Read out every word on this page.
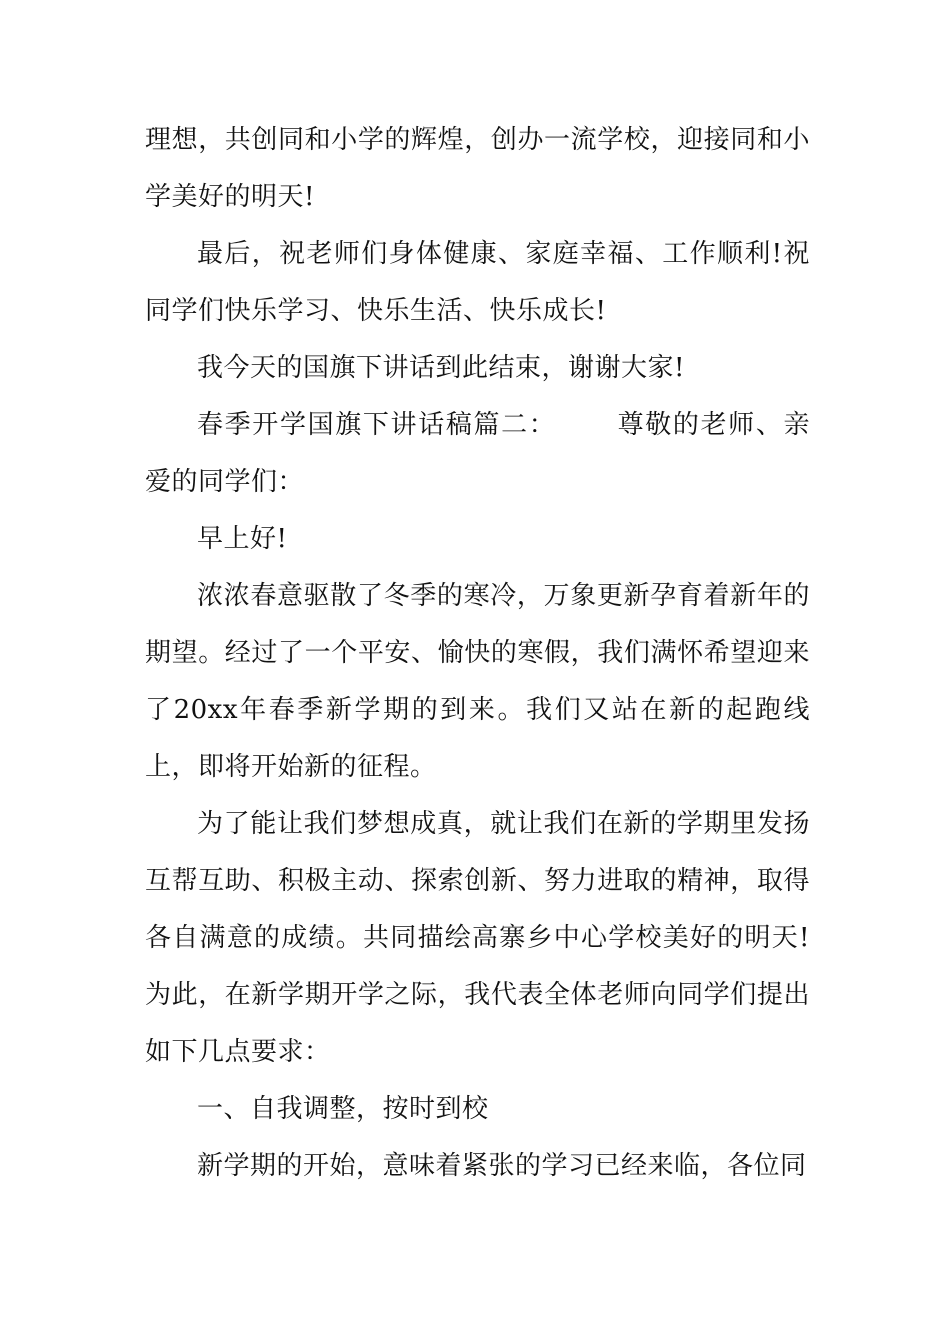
理想，共创同和小学的辉煌，创办一流学校，迎接同和小学美好的明天!

最后，祝老师们身体健康、家庭幸福、工作顺利!祝同学们快乐学习、快乐生活、快乐成长!

我今天的国旗下讲话到此结束，谢谢大家!

春季开学国旗下讲话稿篇二： 尊敬的老师、亲爱的同学们：

早上好!

浓浓春意驱散了冬季的寒冷，万象更新孕育着新年的期望。经过了一个平安、愉快的寒假，我们满怀希望迎来了20xx年春季新学期的到来。我们又站在新的起跑线上，即将开始新的征程。

为了能让我们梦想成真，就让我们在新的学期里发扬互帮互助、积极主动、探索创新、努力进取的精神，取得各自满意的成绩。共同描绘高寨乡中心学校美好的明天!为此，在新学期开学之际，我代表全体老师向同学们提出如下几点要求：

一、自我调整，按时到校

新学期的开始，意味着紧张的学习已经来临，各位同
